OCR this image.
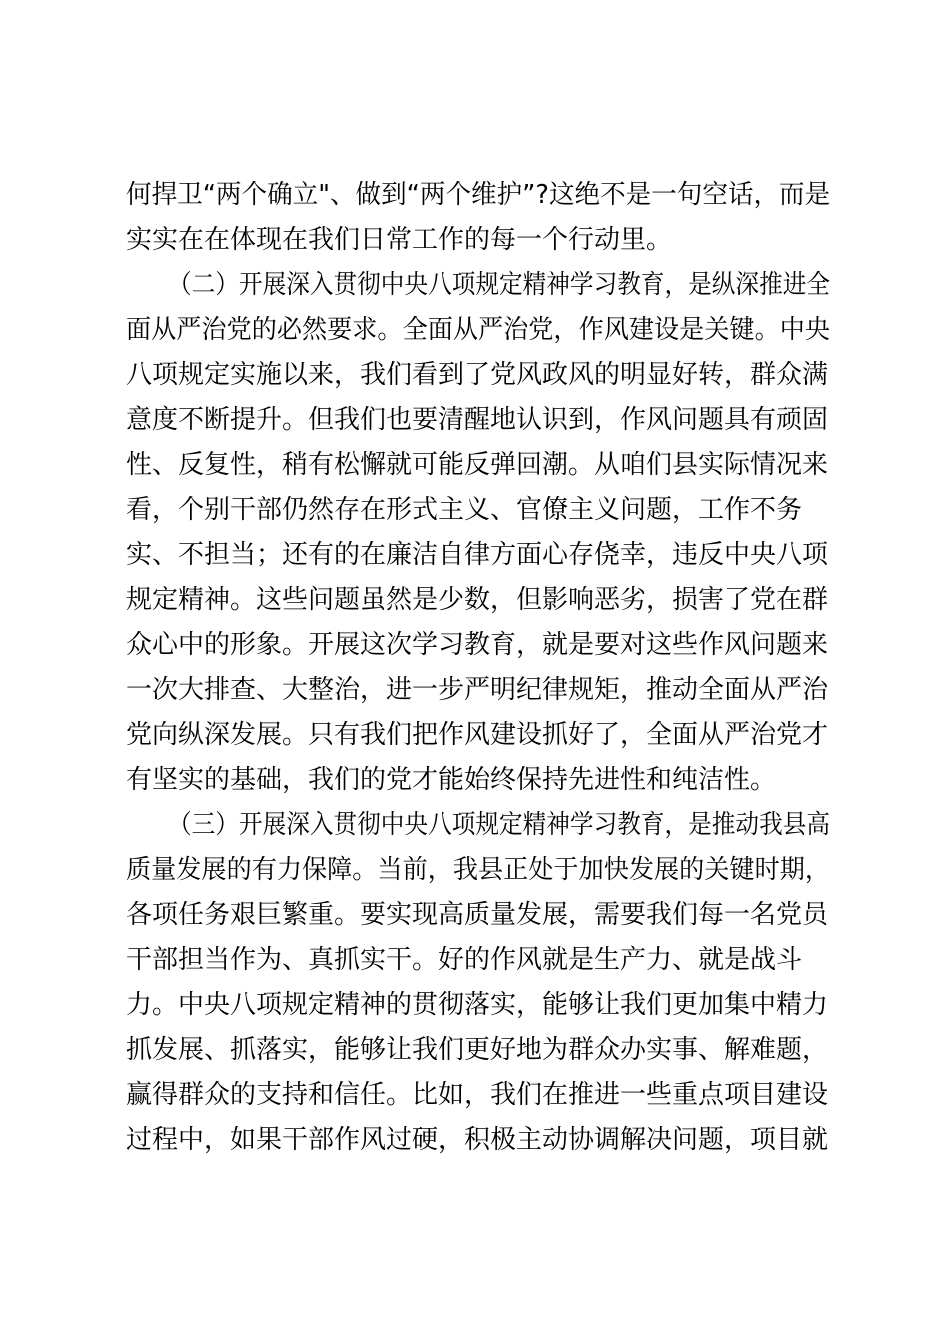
何捍卫“两个确立"、做到“两个维护”?这绝不是一句空话，而是
实实在在体现在我们日常工作的每一个行动里。
（二）开展深入贯彻中央八项规定精神学习教育，是纵深推进全
面从严治党的必然要求。全面从严治党，作风建设是关键。中央
八项规定实施以来，我们看到了党风政风的明显好转，群众满
意度不断提升。但我们也要清醒地认识到，作风问题具有顽固
性、反复性，稍有松懈就可能反弹回潮。从咱们县实际情况来
看，个别干部仍然存在形式主义、官僚主义问题，工作不务
实、不担当；还有的在廉洁自律方面心存侥幸，违反中央八项
规定精神。这些问题虽然是少数，但影响恶劣，损害了党在群
众心中的形象。开展这次学习教育，就是要对这些作风问题来
一次大排查、大整治，进一步严明纪律规矩，推动全面从严治
党向纵深发展。只有我们把作风建设抓好了，全面从严治党才
有坚实的基础，我们的党才能始终保持先进性和纯洁性。
（三）开展深入贯彻中央八项规定精神学习教育，是推动我县高
质量发展的有力保障。当前，我县正处于加快发展的关键时期，
各项任务艰巨繁重。要实现高质量发展，需要我们每一名党员
干部担当作为、真抓实干。好的作风就是生产力、就是战斗
力。中央八项规定精神的贯彻落实，能够让我们更加集中精力
抓发展、抓落实，能够让我们更好地为群众办实事、解难题，
赢得群众的支持和信任。比如，我们在推进一些重点项目建设
过程中，如果干部作风过硬，积极主动协调解决问题，项目就
